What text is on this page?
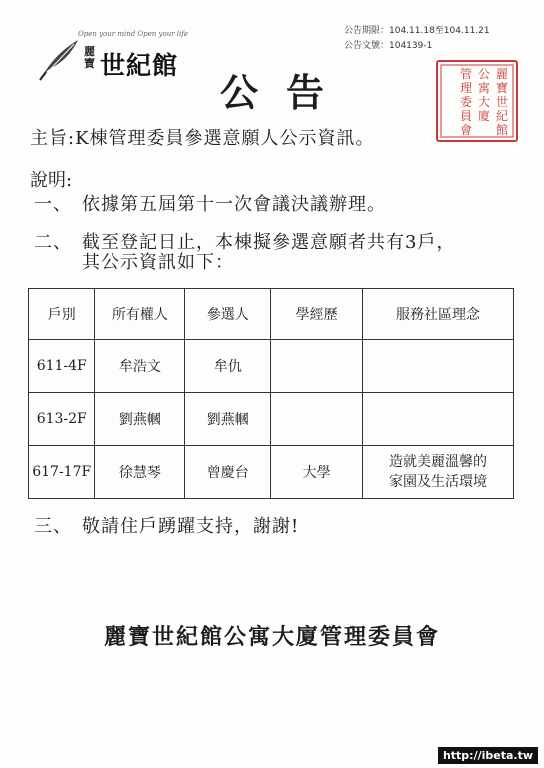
Open your mind Open your life
麗寶 世紀館
公告期限：104.11.18至104.11.21
公告文號：104139-1
麗
寶
世
紀
館
公
寓
大
廈
管
理
委
員
會
公告
主旨:K棟管理委員參選意願人公示資訊。
說明:
一、 依據第五屆第十一次會議決議辦理。
二、 截至登記日止，本棟擬參選意願者共有3戶，
其公示資訊如下：
戶別	所有權人	參選人	學經歷	服務社區理念
611-4F	牟浩文	牟仇		
613-2F	劉燕幗	劉燕幗		
617-17F	徐慧琴	曾慶台	大學	造就美麗溫馨的
家園及生活環境
三、 敬請住戶踴躍支持，謝謝!
麗寶世紀館公寓大廈管理委員會
http://ibeta.tw
